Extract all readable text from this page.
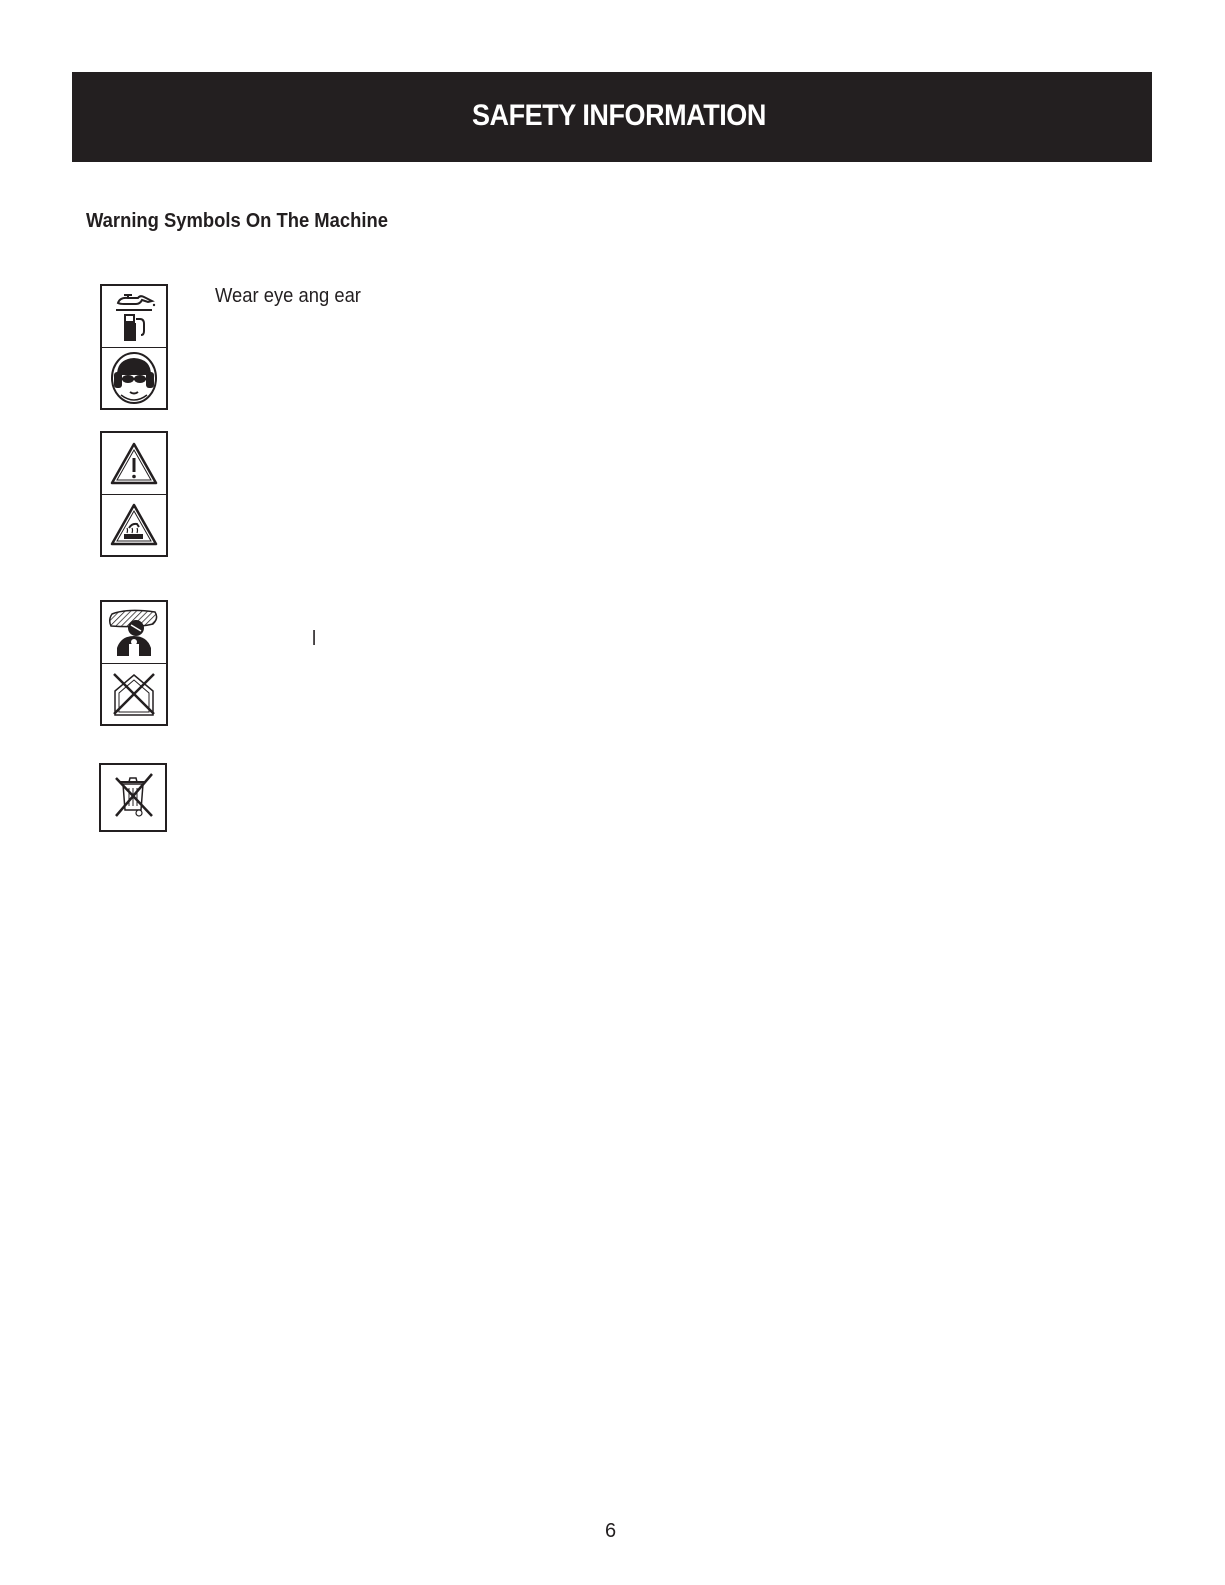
SAFETY INFORMATION
Warning Symbols On The Machine
Wear eye ang ear
l
6
